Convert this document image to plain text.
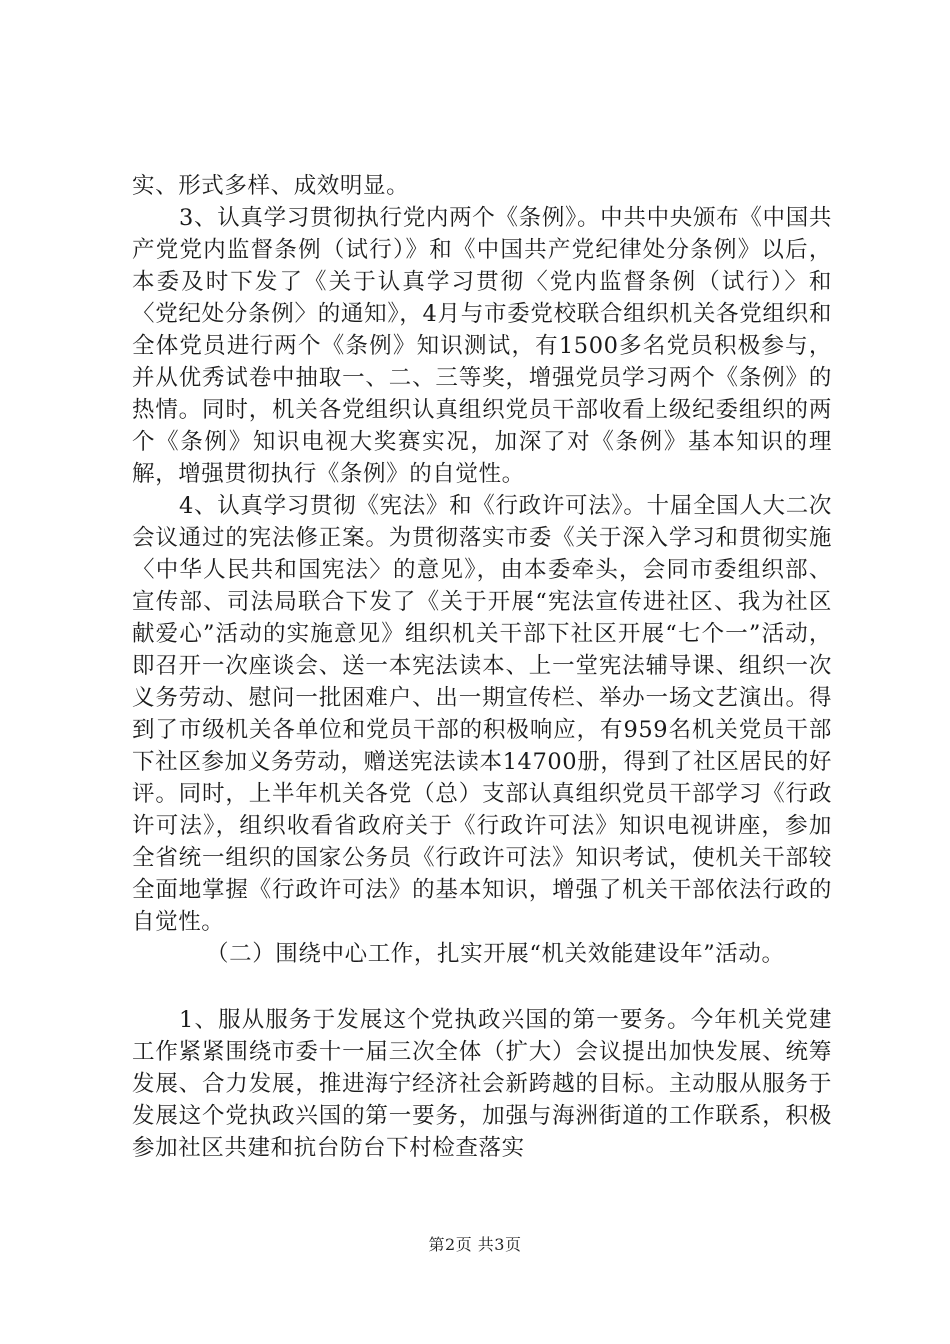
实、形式多样、成效明显。

3、认真学习贯彻执行党内两个《条例》。中共中央颁布《中国共产党党内监督条例（试行）》和《中国共产党纪律处分条例》以后，本委及时下发了《关于认真学习贯彻〈党内监督条例（试行）〉和〈党纪处分条例〉的通知》，4月与市委党校联合组织机关各党组织和全体党员进行两个《条例》知识测试，有1500多名党员积极参与，并从优秀试卷中抽取一、二、三等奖，增强党员学习两个《条例》的热情。同时，机关各党组织认真组织党员干部收看上级纪委组织的两个《条例》知识电视大奖赛实况，加深了对《条例》基本知识的理解，增强贯彻执行《条例》的自觉性。

4、认真学习贯彻《宪法》和《行政许可法》。十届全国人大二次会议通过的宪法修正案。为贯彻落实市委《关于深入学习和贯彻实施〈中华人民共和国宪法〉的意见》，由本委牵头，会同市委组织部、宣传部、司法局联合下发了《关于开展“宪法宣传进社区、我为社区献爱心”活动的实施意见》组织机关干部下社区开展“七个一”活动，即召开一次座谈会、送一本宪法读本、上一堂宪法辅导课、组织一次义务劳动、慰问一批困难户、出一期宣传栏、举办一场文艺演出。得到了市级机关各单位和党员干部的积极响应，有959名机关党员干部下社区参加义务劳动，赠送宪法读本14700册，得到了社区居民的好评。同时，上半年机关各党（总）支部认真组织党员干部学习《行政许可法》，组织收看省政府关于《行政许可法》知识电视讲座，参加全省统一组织的国家公务员《行政许可法》知识考试，使机关干部较全面地掌握《行政许可法》的基本知识，增强了机关干部依法行政的自觉性。

（二）围绕中心工作，扎实开展“机关效能建设年”活动。

1、服从服务于发展这个党执政兴国的第一要务。今年机关党建工作紧紧围绕市委十一届三次全体（扩大）会议提出加快发展、统筹发展、合力发展，推进海宁经济社会新跨越的目标。主动服从服务于发展这个党执政兴国的第一要务，加强与海洲街道的工作联系，积极参加社区共建和抗台防台下村检查落实

第2页 共3页
